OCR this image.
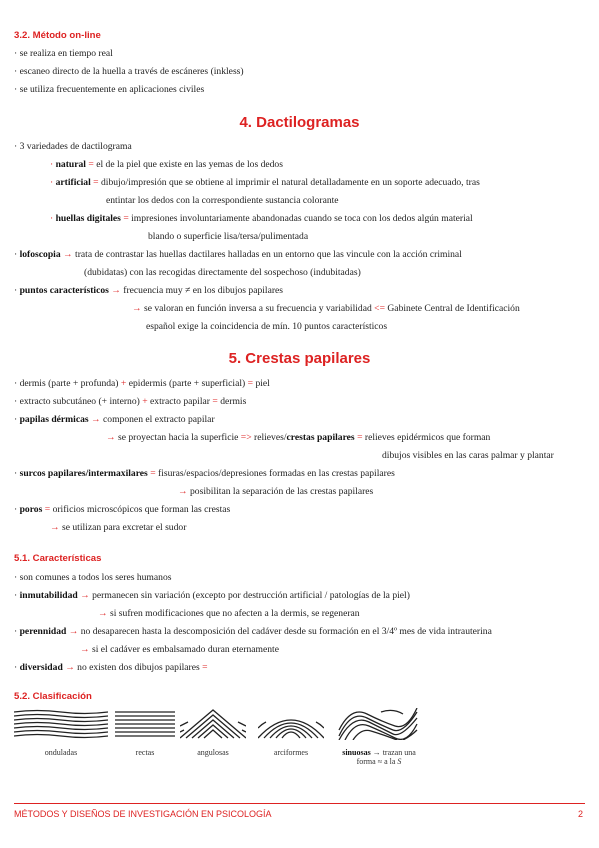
3.2. Método on-line
· se realiza en tiempo real
· escaneo directo de la huella a través de escáneres (inkless)
· se utiliza frecuentemente en aplicaciones civiles
4. Dactilogramas
· 3 variedades de dactilograma
· natural = el de la piel que existe en las yemas de los dedos
· artificial = dibujo/impresión que se obtiene al imprimir el natural detalladamente en un soporte adecuado, tras
entintar los dedos con la correspondiente sustancia colorante
· huellas digitales = impresiones involuntariamente abandonadas cuando se toca con los dedos algún material
blando o superficie lisa/tersa/pulimentada
· lofoscopia → trata de contrastar las huellas dactilares halladas en un entorno que las vincule con la acción criminal
(dubidatas) con las recogidas directamente del sospechoso (indubitadas)
· puntos característicos → frecuencia muy ≠ en los dibujos papilares
→ se valoran en función inversa a su frecuencia y variabilidad <= Gabinete Central de Identificación
español exige la coincidencia de mín. 10 puntos característicos
5. Crestas papilares
· dermis (parte + profunda) + epidermis (parte + superficial) = piel
· extracto subcutáneo (+ interno) + extracto papilar = dermis
· papilas dérmicas → componen el extracto papilar
→ se proyectan hacia la superficie => relieves/crestas papilares = relieves epidérmicos que forman
dibujos visibles en las caras palmar y plantar
· surcos papilares/intermaxilares = fisuras/espacios/depresiones formadas en las crestas papilares
→ posibilitan la separación de las crestas papilares
· poros = orificios microscópicos que forman las crestas
→ se utilizan para excretar el sudor
5.1. Características
· son comunes a todos los seres humanos
· inmutabilidad → permanecen sin variación (excepto por destrucción artificial / patologías de la piel)
→ si sufren modificaciones que no afecten a la dermis, se regeneran
· perennidad → no desaparecen hasta la descomposición del cadáver desde su formación en el 3/4º mes de vida intrauterina
→ si el cadáver es embalsamado duran eternamente
· diversidad → no existen dos dibujos papilares =
5.2. Clasificación
onduladas	rectas	angulosas	arciformes	sinuosas → trazan una
forma ≈ a la S
MÉTODOS Y DISEÑOS DE INVESTIGACIÓN EN PSICOLOGÍA	2
